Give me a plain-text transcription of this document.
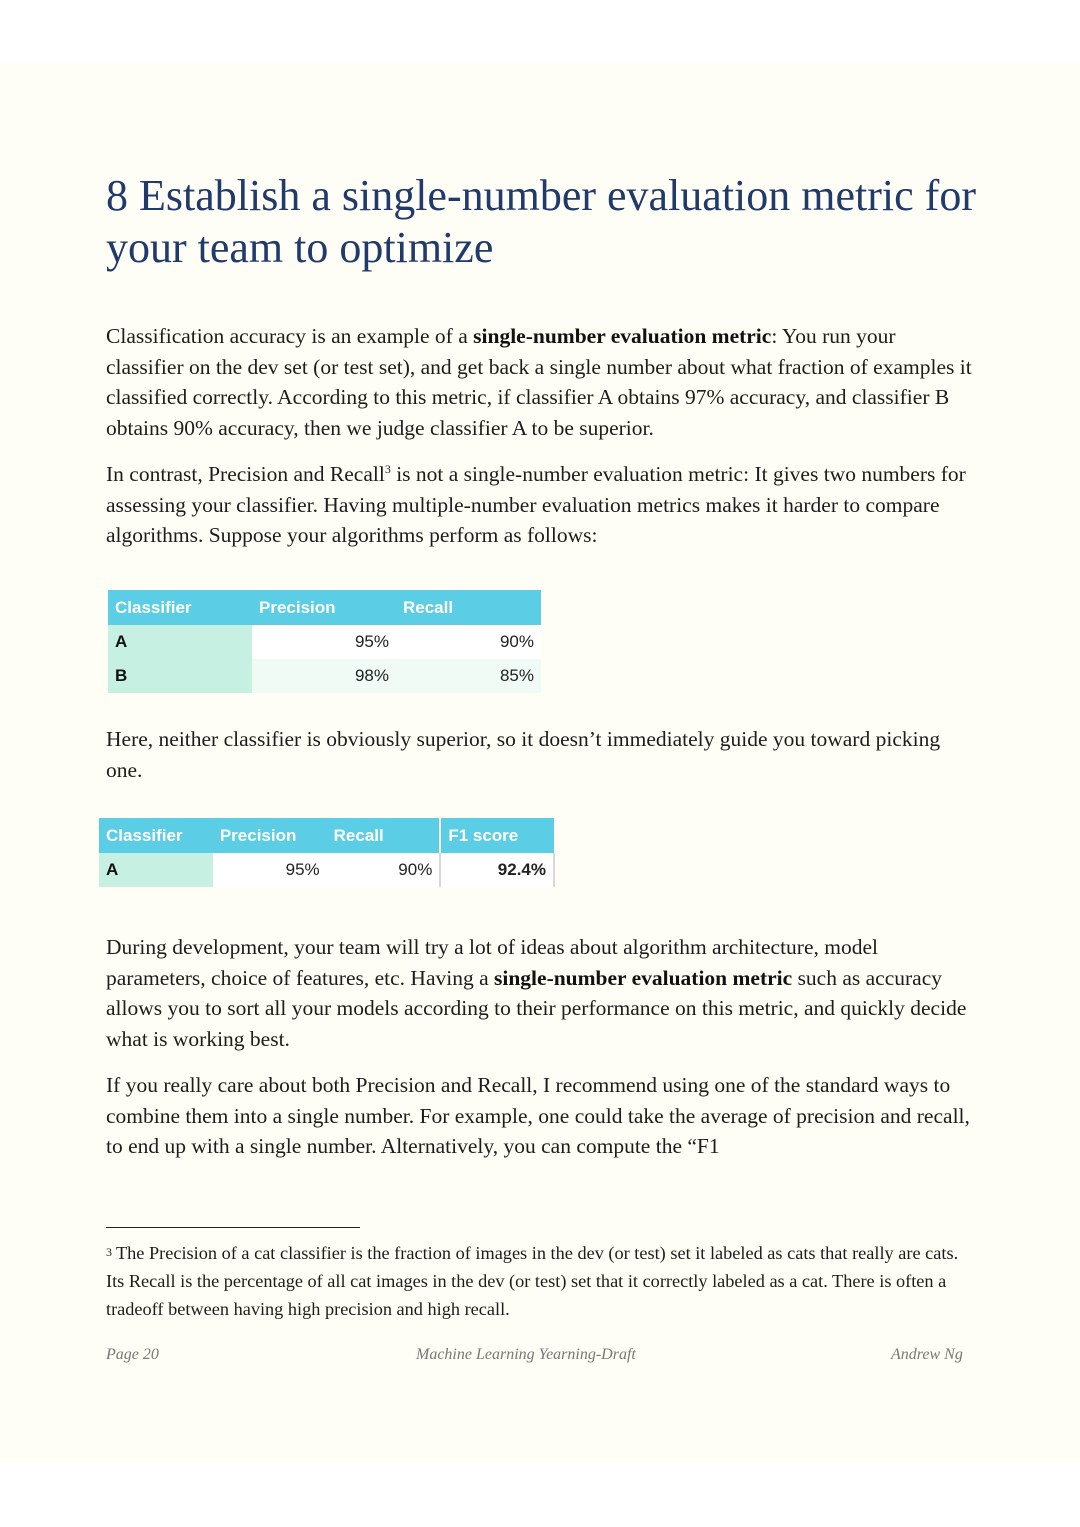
8 Establish a single-number evaluation metric for your team to optimize

Classification accuracy is an example of a single-number evaluation metric: You run your classifier on the dev set (or test set), and get back a single number about what fraction of examples it classified correctly. According to this metric, if classifier A obtains 97% accuracy, and classifier B obtains 90% accuracy, then we judge classifier A to be superior.

In contrast, Precision and Recall$^3$ is not a single-number evaluation metric: It gives two numbers for assessing your classifier. Having multiple-number evaluation metrics makes it harder to compare algorithms. Suppose your algorithms perform as follows:

Classifier	Precision	Recall
A	95%	90%
B	98%	85%

Here, neither classifier is obviously superior, so it doesn’t immediately guide you toward picking one.

Classifier	Precision	Recall	F1 score
A	95%	90%	92.4%

During development, your team will try a lot of ideas about algorithm architecture, model parameters, choice of features, etc. Having a single-number evaluation metric such as accuracy allows you to sort all your models according to their performance on this metric, and quickly decide what is working best.

If you really care about both Precision and Recall, I recommend using one of the standard ways to combine them into a single number. For example, one could take the average of precision and recall, to end up with a single number. Alternatively, you can compute the “F1

3 The Precision of a cat classifier is the fraction of images in the dev (or test) set it labeled as cats that really are cats. Its Recall is the percentage of all cat images in the dev (or test) set that it correctly labeled as a cat. There is often a tradeoff between having high precision and high recall.

Page 20	Machine Learning Yearning-Draft	Andrew Ng
